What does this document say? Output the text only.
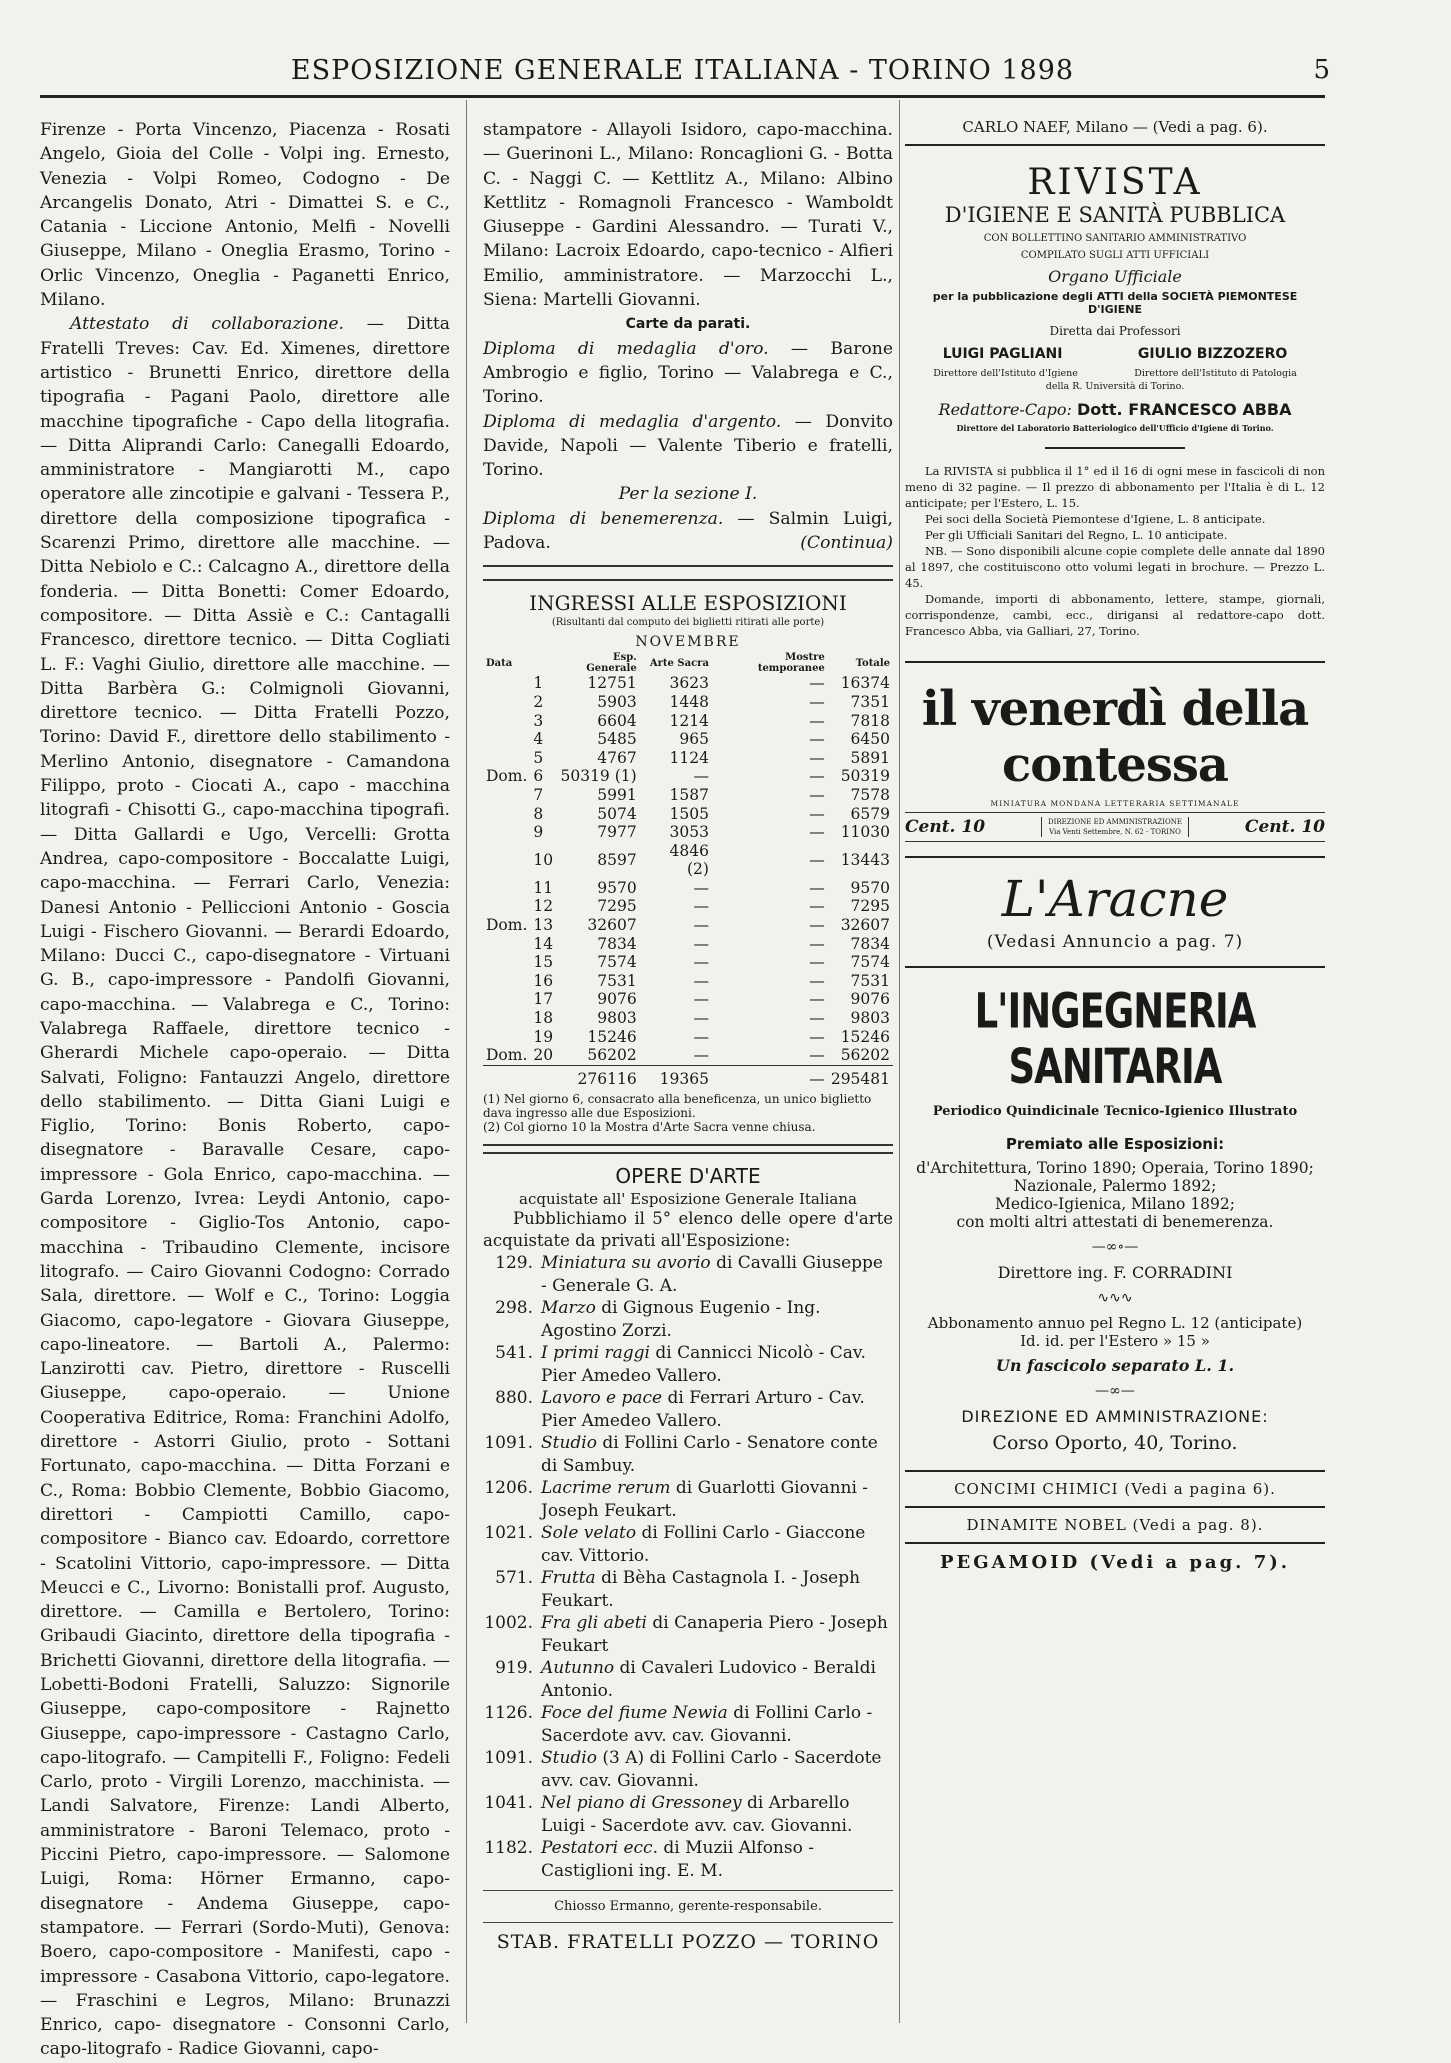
ESPOSIZIONE GENERALE ITALIANA - TORINO 1898	5

Firenze - Porta Vincenzo, Piacenza - Rosati Angelo, Gioia del Colle - Volpi ing. Ernesto, Venezia - Volpi Romeo, Codogno - De Arcangelis Donato, Atri - Dimattei S. e C., Catania - Liccione Antonio, Melfi - Novelli Giuseppe, Milano - Oneglia Erasmo, Torino - Orlic Vincenzo, Oneglia - Paganetti Enrico, Milano.

Attestato di collaborazione. — Ditta Fratelli Treves: Cav. Ed. Ximenes, direttore artistico - Brunetti Enrico, direttore della tipografia - Pagani Paolo, direttore alle macchine tipografiche - Capo della litografia. — Ditta Aliprandi Carlo: Canegalli Edoardo, amministratore - Mangiarotti M., capo operatore alle zincotipie e galvani - Tessera P., direttore della composizione tipografica - Scarenzi Primo, direttore alle macchine. — Ditta Nebiolo e C.: Calcagno A., direttore della fonderia. — Ditta Bonetti: Comer Edoardo, compositore. — Ditta Assiè e C.: Cantagalli Francesco, direttore tecnico. — Ditta Cogliati L. F.: Vaghi Giulio, direttore alle macchine. — Ditta Barbèra G.: Colmignoli Giovanni, direttore tecnico. — Ditta Fratelli Pozzo, Torino: David F., direttore dello stabilimento - Merlino Antonio, disegnatore - Camandona Filippo, proto - Ciocati A., capo - macchina litografi - Chisotti G., capo-macchina tipografi. — Ditta Gallardi e Ugo, Vercelli: Grotta Andrea, capo-compositore - Boccalatte Luigi, capo-macchina. — Ferrari Carlo, Venezia: Danesi Antonio - Pelliccioni Antonio - Goscia Luigi - Fischero Giovanni. — Berardi Edoardo, Milano: Ducci C., capo-disegnatore - Virtuani G. B., capo-impressore - Pandolfi Giovanni, capo-macchina. — Valabrega e C., Torino: Valabrega Raffaele, direttore tecnico - Gherardi Michele capo-operaio. — Ditta Salvati, Foligno: Fantauzzi Angelo, direttore dello stabilimento. — Ditta Giani Luigi e Figlio, Torino: Bonis Roberto, capo-disegnatore - Baravalle Cesare, capo-impressore - Gola Enrico, capo-macchina. — Garda Lorenzo, Ivrea: Leydi Antonio, capo-compositore - Giglio-Tos Antonio, capo-macchina - Tribaudino Clemente, incisore litografo. — Cairo Giovanni Codogno: Corrado Sala, direttore. — Wolf e C., Torino: Loggia Giacomo, capo-legatore - Giovara Giuseppe, capo-lineatore. — Bartoli A., Palermo: Lanzirotti cav. Pietro, direttore - Ruscelli Giuseppe, capo-operaio. — Unione Cooperativa Editrice, Roma: Franchini Adolfo, direttore - Astorri Giulio, proto - Sottani Fortunato, capo-macchina. — Ditta Forzani e C., Roma: Bobbio Clemente, Bobbio Giacomo, direttori - Campiotti Camillo, capo-compositore - Bianco cav. Edoardo, correttore - Scatolini Vittorio, capo-impressore. — Ditta Meucci e C., Livorno: Bonistalli prof. Augusto, direttore. — Camilla e Bertolero, Torino: Gribaudi Giacinto, direttore della tipografia - Brichetti Giovanni, direttore della litografia. — Lobetti-Bodoni Fratelli, Saluzzo: Signorile Giuseppe, capo-compositore - Rajnetto Giuseppe, capo-impressore - Castagno Carlo, capo-litografo. — Campitelli F., Foligno: Fedeli Carlo, proto - Virgili Lorenzo, macchinista. — Landi Salvatore, Firenze: Landi Alberto, amministratore - Baroni Telemaco, proto - Piccini Pietro, capo-impressore. — Salomone Luigi, Roma: Hörner Ermanno, capo-disegnatore - Andema Giuseppe, capo-stampatore. — Ferrari (Sordo-Muti), Genova: Boero, capo-compositore - Manifesti, capo - impressore - Casabona Vittorio, capo-legatore. — Fraschini e Legros, Milano: Brunazzi Enrico, capo- disegnatore - Consonni Carlo, capo-litografo - Radice Giovanni, capo-

stampatore - Allayoli Isidoro, capo-macchina. — Guerinoni L., Milano: Roncaglioni G. - Botta C. - Naggi C. — Kettlitz A., Milano: Albino Kettlitz - Romagnoli Francesco - Wamboldt Giuseppe - Gardini Alessandro. — Turati V., Milano: Lacroix Edoardo, capo-tecnico - Alfieri Emilio, amministratore. — Marzocchi L., Siena: Martelli Giovanni.

Carte da parati.

Diploma di medaglia d'oro. — Barone Ambrogio e figlio, Torino — Valabrega e C., Torino.

Diploma di medaglia d'argento. — Donvito Davide, Napoli — Valente Tiberio e fratelli, Torino.

Per la sezione I.

Diploma di benemerenza. — Salmin Luigi, Padova.	(Continua)

INGRESSI ALLE ESPOSIZIONI
(Risultanti dal computo dei biglietti ritirati alle porte)
NOVEMBRE
Data		Esp. Generale	Arte Sacra	Mostre temporanee	Totale
	1	12751	3623	—	16374
	2	5903	1448	—	7351
	3	6604	1214	—	7818
	4	5485	965	—	6450
	5	4767	1124	—	5891
Dom.	6	50319 (1)	—	—	50319
	7	5991	1587	—	7578
	8	5074	1505	—	6579
	9	7977	3053	—	11030
	10	8597	4846 (2)	—	13443
	11	9570	—	—	9570
	12	7295	—	—	7295
Dom.	13	32607	—	—	32607
	14	7834	—	—	7834
	15	7574	—	—	7574
	16	7531	—	—	7531
	17	9076	—	—	9076
	18	9803	—	—	9803
	19	15246	—	—	15246
Dom.	20	56202	—	—	56202
		276116	19365	—	295481
(1) Nel giorno 6, consacrato alla beneficenza, un unico biglietto dava ingresso alle due Esposizioni.
(2) Col giorno 10 la Mostra d'Arte Sacra venne chiusa.
OPERE D'ARTE
acquistate all' Esposizione Generale Italiana

Pubblichiamo il 5° elenco delle opere d'arte acquistate da privati all'Esposizione:

129. Miniatura su avorio di Cavalli Giuseppe - Generale G. A.
298. Marzo di Gignous Eugenio - Ing. Agostino Zorzi.
541. I primi raggi di Cannicci Nicolò - Cav. Pier Amedeo Vallero.
880. Lavoro e pace di Ferrari Arturo - Cav. Pier Amedeo Vallero.
1091. Studio di Follini Carlo - Senatore conte di Sambuy.
1206. Lacrime rerum di Guarlotti Giovanni - Joseph Feukart.
1021. Sole velato di Follini Carlo - Giaccone cav. Vittorio.
571. Frutta di Bèha Castagnola I. - Joseph Feukart.
1002. Fra gli abeti di Canaperia Piero - Joseph Feukart
919. Autunno di Cavaleri Ludovico - Beraldi Antonio.
1126. Foce del fiume Newia di Follini Carlo - Sacerdote avv. cav. Giovanni.
1091. Studio (3 A) di Follini Carlo - Sacerdote avv. cav. Giovanni.
1041. Nel piano di Gressoney di Arbarello Luigi - Sacerdote avv. cav. Giovanni.
1182. Pestatori ecc. di Muzii Alfonso - Castiglioni ing. E. M.
Chiosso Ermanno, gerente-responsabile.
STAB. FRATELLI POZZO — TORINO
CARLO NAEF, Milano — (Vedi a pag. 6).
RIVISTA
D'IGIENE E SANITÀ PUBBLICA
CON BOLLETTINO SANITARIO AMMINISTRATIVO
COMPILATO SUGLI ATTI UFFICIALI
Organo Ufficiale
per la pubblicazione degli ATTI della SOCIETÀ PIEMONTESE D'IGIENE
Diretta dai Professori
LUIGI PAGLIANI	GIULIO BIZZOZERO
Direttore dell'Istituto d'Igiene	Direttore dell'Istituto di Patologia
della R. Università di Torino.
Redattore-Capo: Dott. FRANCESCO ABBA
Direttore del Laboratorio Batteriologico dell'Ufficio d'Igiene di Torino.

La RIVISTA si pubblica il 1° ed il 16 di ogni mese in fascicoli di non meno di 32 pagine. — Il prezzo di abbonamento per l'Italia è di L. 12 anticipate; per l'Estero, L. 15.

Pei soci della Società Piemontese d'Igiene, L. 8 anticipate.

Per gli Ufficiali Sanitari del Regno, L. 10 anticipate.

NB. — Sono disponibili alcune copie complete delle annate dal 1890 al 1897, che costituiscono otto volumi legati in brochure. — Prezzo L. 45.

Domande, importi di abbonamento, lettere, stampe, giornali, corrispondenze, cambi, ecc., dirigansi al redattore-capo dott. Francesco Abba, via Galliari, 27, Torino.

il venerdì della contessa
MINIATURA MONDANA LETTERARIA SETTIMANALE
Cent. 10	DIREZIONE ED AMMINISTRAZIONE
Via Venti Settembre, N. 62 - TORINO	Cent. 10
L'Aracne
(Vedasi Annuncio a pag. 7)
L'INGEGNERIA SANITARIA
Periodico Quindicinale Tecnico-Igienico Illustrato
Premiato alle Esposizioni:
d'Architettura, Torino 1890; Operaia, Torino 1890;
Nazionale, Palermo 1892;
Medico-Igienica, Milano 1892;
con molti altri attestati di benemerenza.
—∞∘—
Direttore ing. F. CORRADINI
∿∿∿
Abbonamento annuo pel Regno L. 12 (anticipate)
Id. id. per l'Estero » 15 »
Un fascicolo separato L. 1.
—∞—
DIREZIONE ED AMMINISTRAZIONE:
Corso Oporto, 40, Torino.
CONCIMI CHIMICI (Vedi a pagina 6).
DINAMITE NOBEL (Vedi a pag. 8).
PEGAMOID (Vedi a pag. 7).
